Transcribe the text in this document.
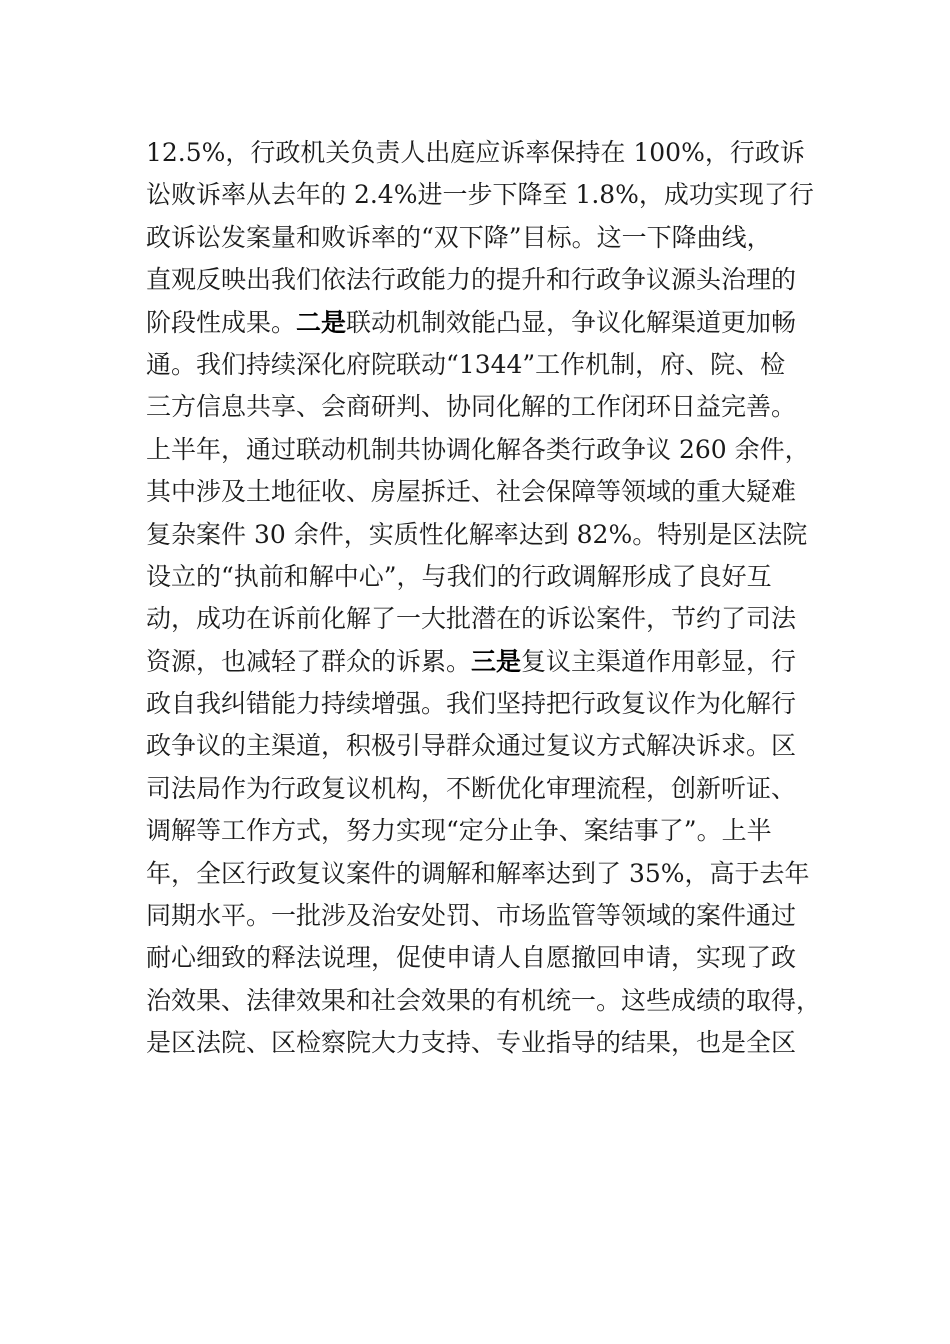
12.5%，行政机关负责人出庭应诉率保持在 100%，行政诉
讼败诉率从去年的 2.4%进一步下降至 1.8%，成功实现了行
政诉讼发案量和败诉率的“双下降”目标。这一下降曲线，
直观反映出我们依法行政能力的提升和行政争议源头治理的
阶段性成果。二是联动机制效能凸显，争议化解渠道更加畅
通。我们持续深化府院联动“1344”工作机制，府、院、检
三方信息共享、会商研判、协同化解的工作闭环日益完善。
上半年，通过联动机制共协调化解各类行政争议 260 余件，
其中涉及土地征收、房屋拆迁、社会保障等领域的重大疑难
复杂案件 30 余件，实质性化解率达到 82%。特别是区法院
设立的“执前和解中心”，与我们的行政调解形成了良好互
动，成功在诉前化解了一大批潜在的诉讼案件，节约了司法
资源，也减轻了群众的诉累。三是复议主渠道作用彰显，行
政自我纠错能力持续增强。我们坚持把行政复议作为化解行
政争议的主渠道，积极引导群众通过复议方式解决诉求。区
司法局作为行政复议机构，不断优化审理流程，创新听证、
调解等工作方式，努力实现“定分止争、案结事了”。上半
年，全区行政复议案件的调解和解率达到了 35%，高于去年
同期水平。一批涉及治安处罚、市场监管等领域的案件通过
耐心细致的释法说理，促使申请人自愿撤回申请，实现了政
治效果、法律效果和社会效果的有机统一。这些成绩的取得，
是区法院、区检察院大力支持、专业指导的结果，也是全区
